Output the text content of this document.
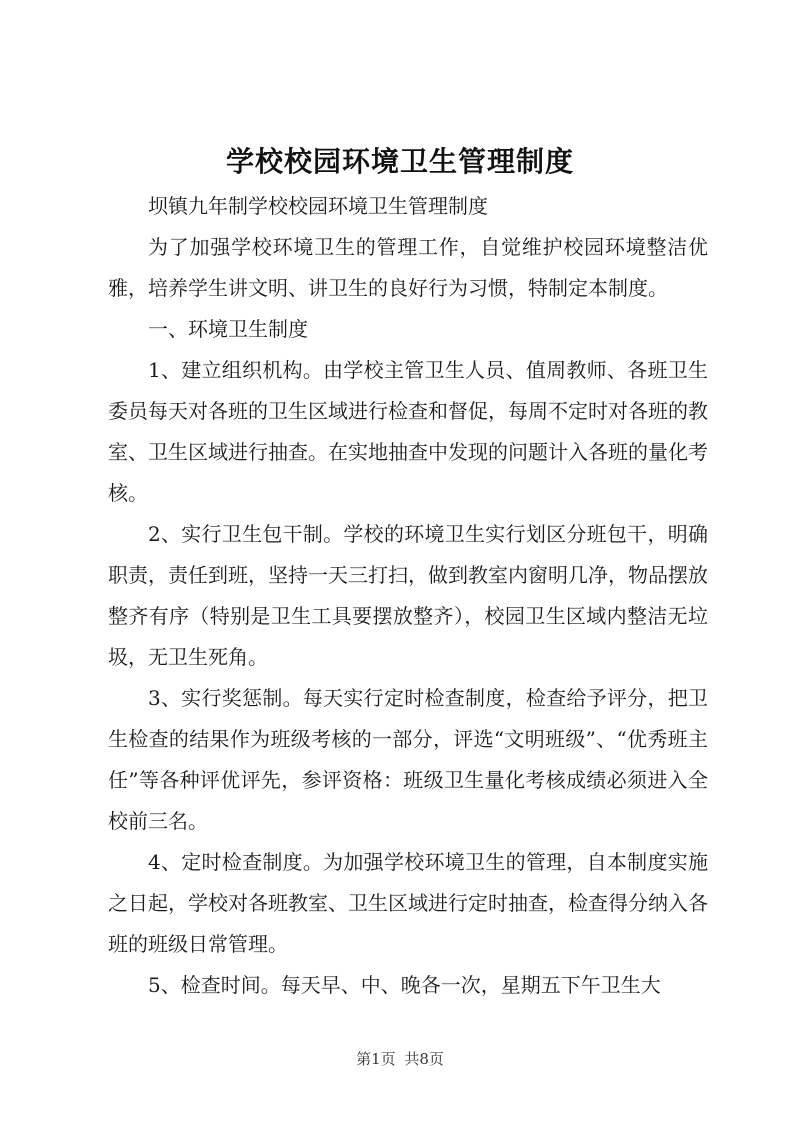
学校校园环境卫生管理制度

坝镇九年制学校校园环境卫生管理制度

为了加强学校环境卫生的管理工作，自觉维护校园环境整洁优雅，培养学生讲文明、讲卫生的良好行为习惯，特制定本制度。

一、环境卫生制度

1、建立组织机构。由学校主管卫生人员、值周教师、各班卫生委员每天对各班的卫生区域进行检查和督促，每周不定时对各班的教室、卫生区域进行抽查。在实地抽查中发现的问题计入各班的量化考核。

2、实行卫生包干制。学校的环境卫生实行划区分班包干，明确职责，责任到班，坚持一天三打扫，做到教室内窗明几净，物品摆放整齐有序（特别是卫生工具要摆放整齐），校园卫生区域内整洁无垃圾，无卫生死角。

3、实行奖惩制。每天实行定时检查制度，检查给予评分，把卫生检查的结果作为班级考核的一部分，评选“文明班级”、“优秀班主任”等各种评优评先，参评资格：班级卫生量化考核成绩必须进入全校前三名。

4、定时检查制度。为加强学校环境卫生的管理，自本制度实施之日起，学校对各班教室、卫生区域进行定时抽查，检查得分纳入各班的班级日常管理。

5、检查时间。每天早、中、晚各一次，星期五下午卫生大

第1页 共8页
